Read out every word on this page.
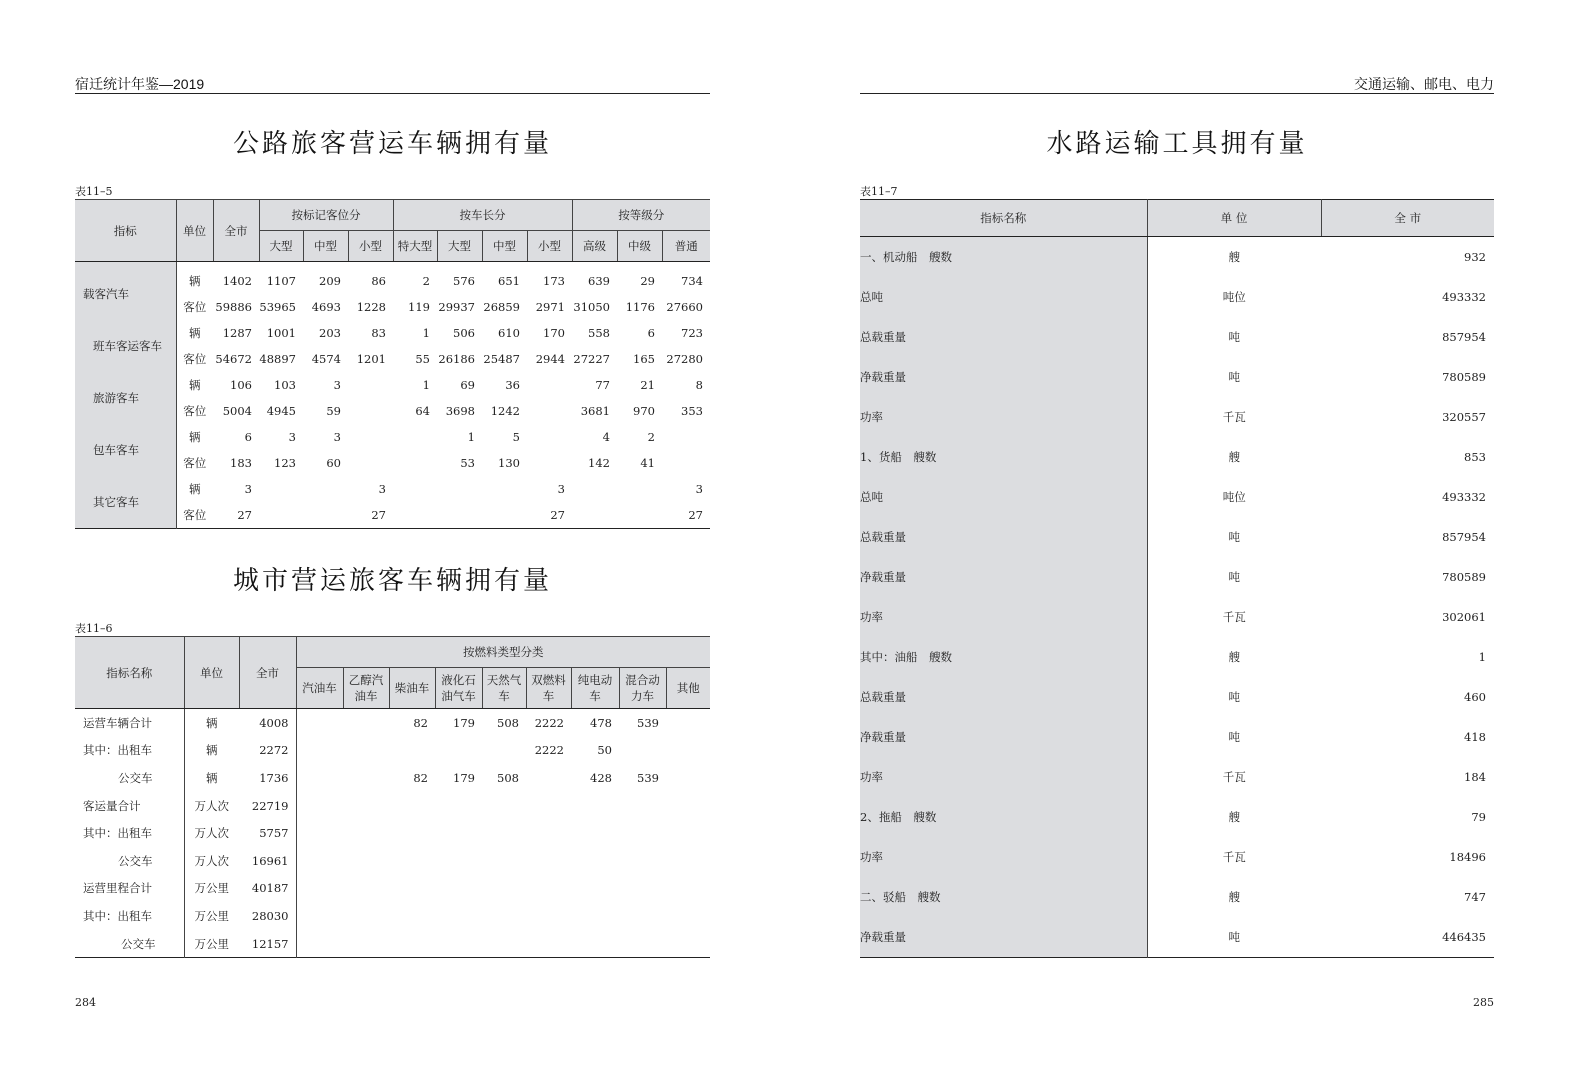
宿迁统计年鉴—2019
公路旅客营运车辆拥有量
表11–5
指标	单位	全市	按标记客位分			按车长分				按等级分		
			大型	中型	小型	特大型	大型	中型	小型	高级	中级	普通
载客汽车	辆	1402	1107	209	86	2	576	651	173	639	29	734
	客位	59886	53965	4693	1228	119	29937	26859	2971	31050	1176	27660
班车客运客车	辆	1287	1001	203	83	1	506	610	170	558	6	723
	客位	54672	48897	4574	1201	55	26186	25487	2944	27227	165	27280
旅游客车	辆	106	103	3		1	69	36		77	21	8
	客位	5004	4945	59		64	3698	1242		3681	970	353
包车客车	辆	6	3	3			1	5		4	2	
	客位	183	123	60			53	130		142	41	
其它客车	辆	3			3				3			3
	客位	27			27				27			27
城市营运旅客车辆拥有量
表11–6
指标名称	单位	全市	按燃料类型分类								
			汽油车	乙醇汽油车	柴油车	液化石油气车	天然气车	双燃料车	纯电动车	混合动力车	其他
运营车辆合计	辆	4008			82	179	508	2222	478	539	
其中：出租车	辆	2272						2222	50		
公交车	辆	1736			82	179	508		428	539	
客运量合计	万人次	22719									
其中：出租车	万人次	5757									
公交车	万人次	16961									
运营里程合计	万公里	40187									
其中：出租车	万公里	28030									
公交车	万公里	12157									
284
交通运输、邮电、电力
水路运输工具拥有量
表11–7
指标名称	单 位	全 市
一、机动船　艘数	艘	932
总吨	吨位	493332
总载重量	吨	857954
净载重量	吨	780589
功率	千瓦	320557
1、货船　艘数	艘	853
总吨	吨位	493332
总载重量	吨	857954
净载重量	吨	780589
功率	千瓦	302061
其中：油船　艘数	艘	1
总载重量	吨	460
净载重量	吨	418
功率	千瓦	184
2、拖船　艘数	艘	79
功率	千瓦	18496
二、驳船　艘数	艘	747
净载重量	吨	446435
285
